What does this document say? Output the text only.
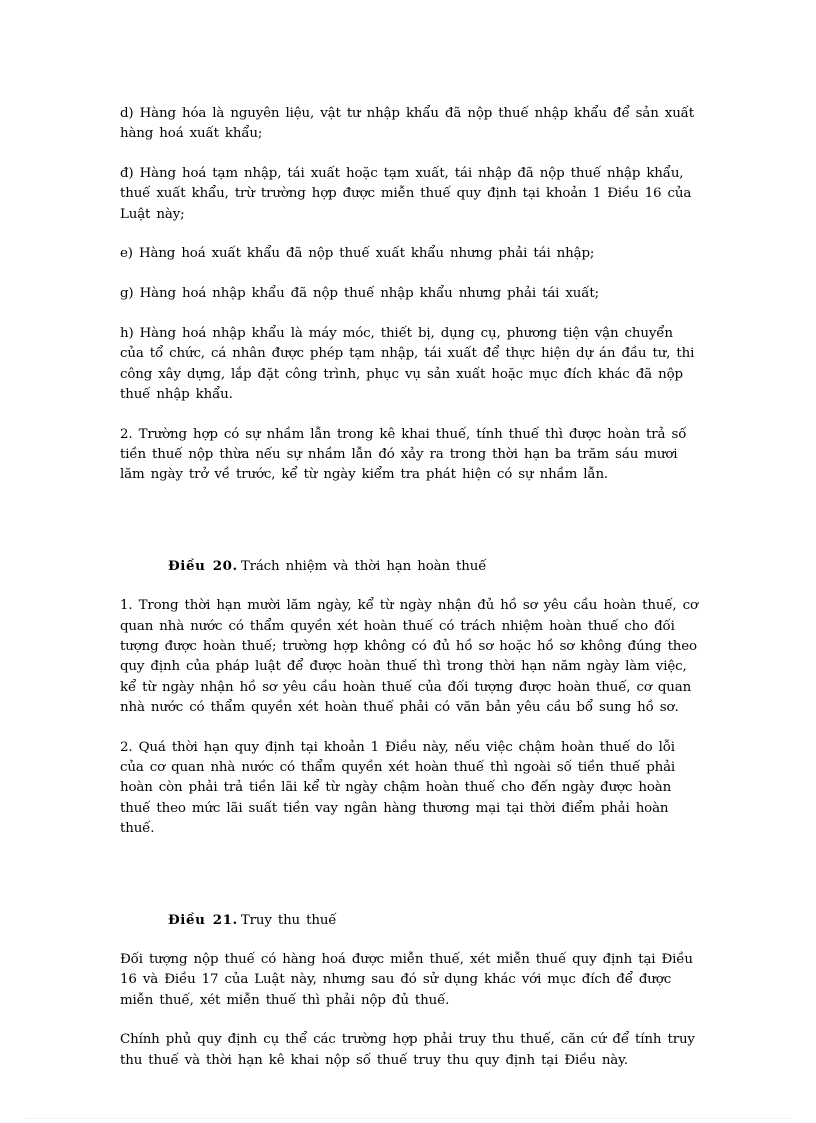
d) Hàng hóa là nguyên liệu, vật tư nhập khẩu đã nộp thuế nhập khẩu để sản xuất hàng hoá xuất khẩu;

đ) Hàng hoá tạm nhập, tái xuất hoặc tạm xuất, tái nhập đã nộp thuế nhập khẩu, thuế xuất khẩu, trừ trường hợp được miễn thuế quy định tại khoản 1 Điều 16 của Luật này;

e) Hàng hoá xuất khẩu đã nộp thuế xuất khẩu nhưng phải tái nhập;

g) Hàng hoá nhập khẩu đã nộp thuế nhập khẩu nhưng phải tái xuất;

h) Hàng hoá nhập khẩu là máy móc, thiết bị, dụng cụ, phương tiện vận chuyển của tổ chức, cá nhân được phép tạm nhập, tái xuất để thực hiện dự án đầu tư, thi công xây dựng, lắp đặt công trình, phục vụ sản xuất hoặc mục đích khác đã nộp thuế nhập khẩu.

2. Trường hợp có sự nhầm lẫn trong kê khai thuế, tính thuế thì được hoàn trả số tiền thuế nộp thừa nếu sự nhầm lẫn đó xảy ra trong thời hạn ba trăm sáu mươi lăm ngày trở về trước, kể từ ngày kiểm tra phát hiện có sự nhầm lẫn.

Điều 20. Trách nhiệm và thời hạn hoàn thuế

1. Trong thời hạn mười lăm ngày, kể từ ngày nhận đủ hồ sơ yêu cầu hoàn thuế, cơ quan nhà nước có thẩm quyền xét hoàn thuế có trách nhiệm hoàn thuế cho đối tượng được hoàn thuế; trường hợp không có đủ hồ sơ hoặc hồ sơ không đúng theo quy định của pháp luật để được hoàn thuế thì trong thời hạn năm ngày làm việc, kể từ ngày nhận hồ sơ yêu cầu hoàn thuế của đối tượng được hoàn thuế, cơ quan nhà nước có thẩm quyền xét hoàn thuế phải có văn bản yêu cầu bổ sung hồ sơ.

2. Quá thời hạn quy định tại khoản 1 Điều này, nếu việc chậm hoàn thuế do lỗi của cơ quan nhà nước có thẩm quyền xét hoàn thuế thì ngoài số tiền thuế phải hoàn còn phải trả tiền lãi kể từ ngày chậm hoàn thuế cho đến ngày được hoàn thuế theo mức lãi suất tiền vay ngân hàng thương mại tại thời điểm phải hoàn thuế.

Điều 21. Truy thu thuế

Đối tượng nộp thuế có hàng hoá được miễn thuế, xét miễn thuế quy định tại Điều 16 và Điều 17 của Luật này, nhưng sau đó sử dụng khác với mục đích để được miễn thuế, xét miễn thuế thì phải nộp đủ thuế.

Chính phủ quy định cụ thể các trường hợp phải truy thu thuế, căn cứ để tính truy thu thuế và thời hạn kê khai nộp số thuế truy thu quy định tại Điều này.
